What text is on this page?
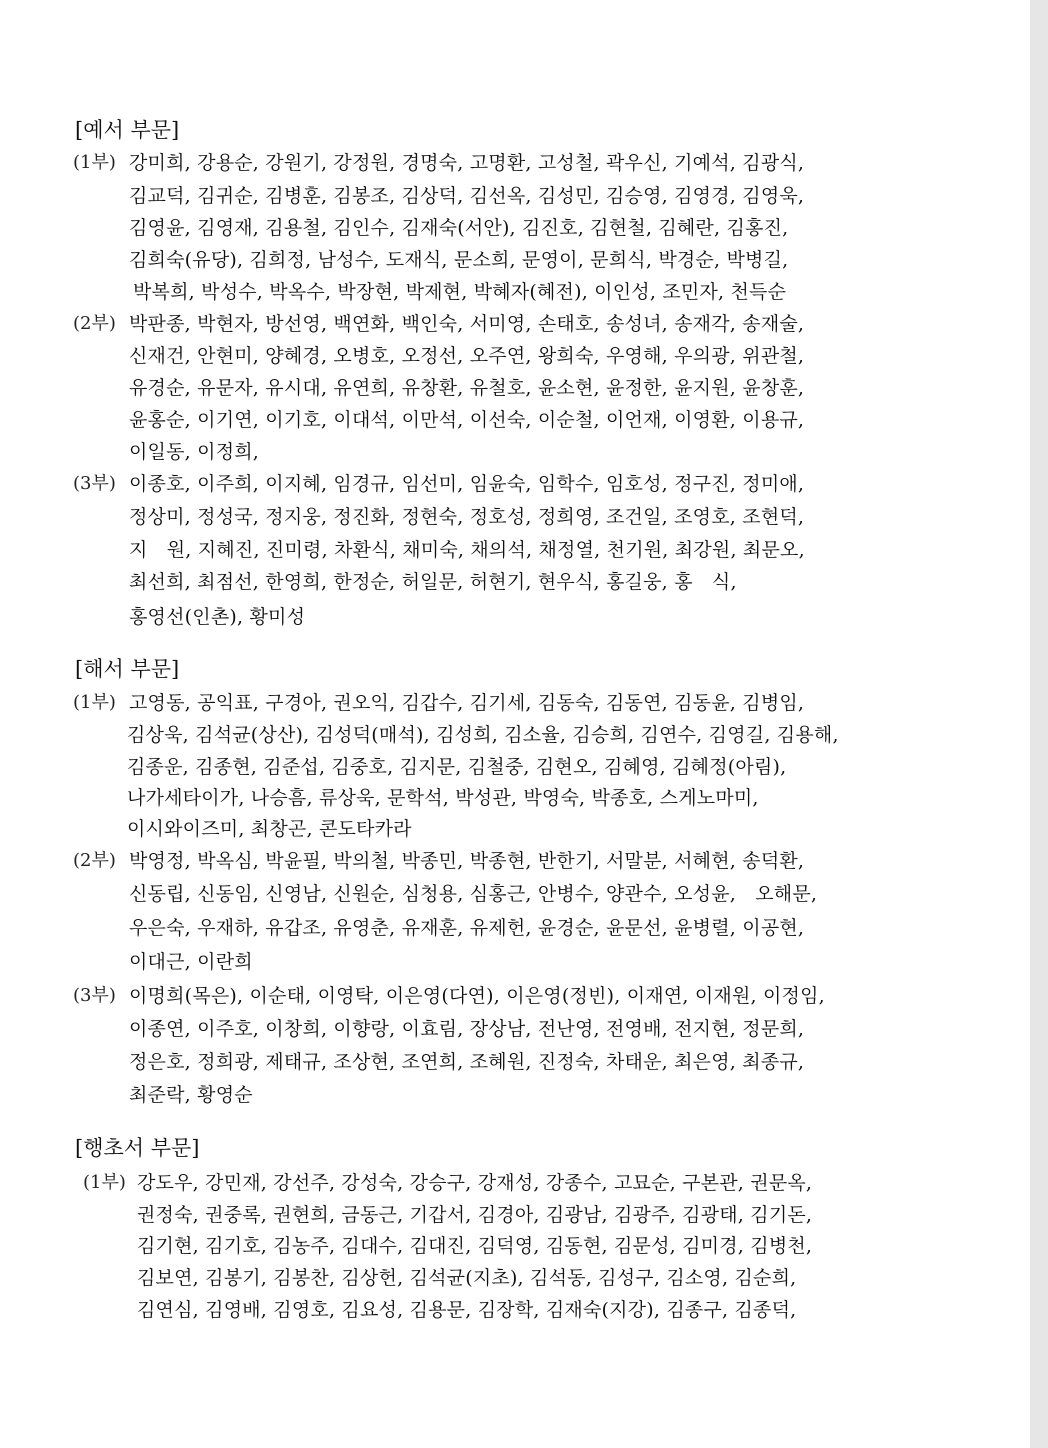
[예서 부문]
(1부) 강미희, 강용순, 강원기, 강정원, 경명숙, 고명환, 고성철, 곽우신, 기예석, 김광식,
김교덕, 김귀순, 김병훈, 김봉조, 김상덕, 김선옥, 김성민, 김승영, 김영경, 김영욱,
김영윤, 김영재, 김용철, 김인수, 김재숙(서안), 김진호, 김현철, 김혜란, 김홍진,
김희숙(유당), 김희정, 남성수, 도재식, 문소희, 문영이, 문희식, 박경순, 박병길,
박복희, 박성수, 박옥수, 박장현, 박제현, 박혜자(혜전), 이인성, 조민자, 천득순
(2부) 박판종, 박현자, 방선영, 백연화, 백인숙, 서미영, 손태호, 송성녀, 송재각, 송재술,
신재건, 안현미, 양혜경, 오병호, 오정선, 오주연, 왕희숙, 우영해, 우의광, 위관철,
유경순, 유문자, 유시대, 유연희, 유창환, 유철호, 윤소현, 윤정한, 윤지원, 윤창훈,
윤홍순, 이기연, 이기호, 이대석, 이만석, 이선숙, 이순철, 이언재, 이영환, 이용규,
이일동, 이정희,
(3부) 이종호, 이주희, 이지혜, 임경규, 임선미, 임윤숙, 임학수, 임호성, 정구진, 정미애,
정상미, 정성국, 정지웅, 정진화, 정현숙, 정호성, 정희영, 조건일, 조영호, 조현덕,
지　원, 지혜진, 진미령, 차환식, 채미숙, 채의석, 채정열, 천기원, 최강원, 최문오,
최선희, 최점선, 한영희, 한정순, 허일문, 허현기, 현우식, 홍길웅, 홍　식,
홍영선(인촌), 황미성
[해서 부문]
(1부) 고영동, 공익표, 구경아, 권오익, 김갑수, 김기세, 김동숙, 김동연, 김동윤, 김병임,
김상욱, 김석균(상산), 김성덕(매석), 김성희, 김소율, 김승희, 김연수, 김영길, 김용해,
김종운, 김종현, 김준섭, 김중호, 김지문, 김철중, 김현오, 김혜영, 김혜정(아림),
나가세타이가, 나승흠, 류상욱, 문학석, 박성관, 박영숙, 박종호, 스게노마미,
이시와이즈미, 최창곤, 콘도타카라
(2부) 박영정, 박옥심, 박윤필, 박의철, 박종민, 박종현, 반한기, 서말분, 서혜현, 송덕환,
신동립, 신동임, 신영남, 신원순, 심청용, 심홍근, 안병수, 양관수, 오성윤,　오해문,
우은숙, 우재하, 유갑조, 유영춘, 유재훈, 유제헌, 윤경순, 윤문선, 윤병렬, 이공현,
이대근, 이란희
(3부) 이명희(목은), 이순태, 이영탁, 이은영(다연), 이은영(정빈), 이재연, 이재원, 이정임,
이종연, 이주호, 이창희, 이향랑, 이효림, 장상남, 전난영, 전영배, 전지현, 정문희,
정은호, 정희광, 제태규, 조상현, 조연희, 조혜원, 진정숙, 차태운, 최은영, 최종규,
최준락, 황영순
[행초서 부문]
(1부) 강도우, 강민재, 강선주, 강성숙, 강승구, 강재성, 강종수, 고묘순, 구본관, 권문옥,
권정숙, 권중록, 권현희, 금동근, 기갑서, 김경아, 김광남, 김광주, 김광태, 김기돈,
김기현, 김기호, 김농주, 김대수, 김대진, 김덕영, 김동현, 김문성, 김미경, 김병천,
김보연, 김봉기, 김봉찬, 김상헌, 김석균(지초), 김석동, 김성구, 김소영, 김순희,
김연심, 김영배, 김영호, 김요성, 김용문, 김장학, 김재숙(지강), 김종구, 김종덕,
